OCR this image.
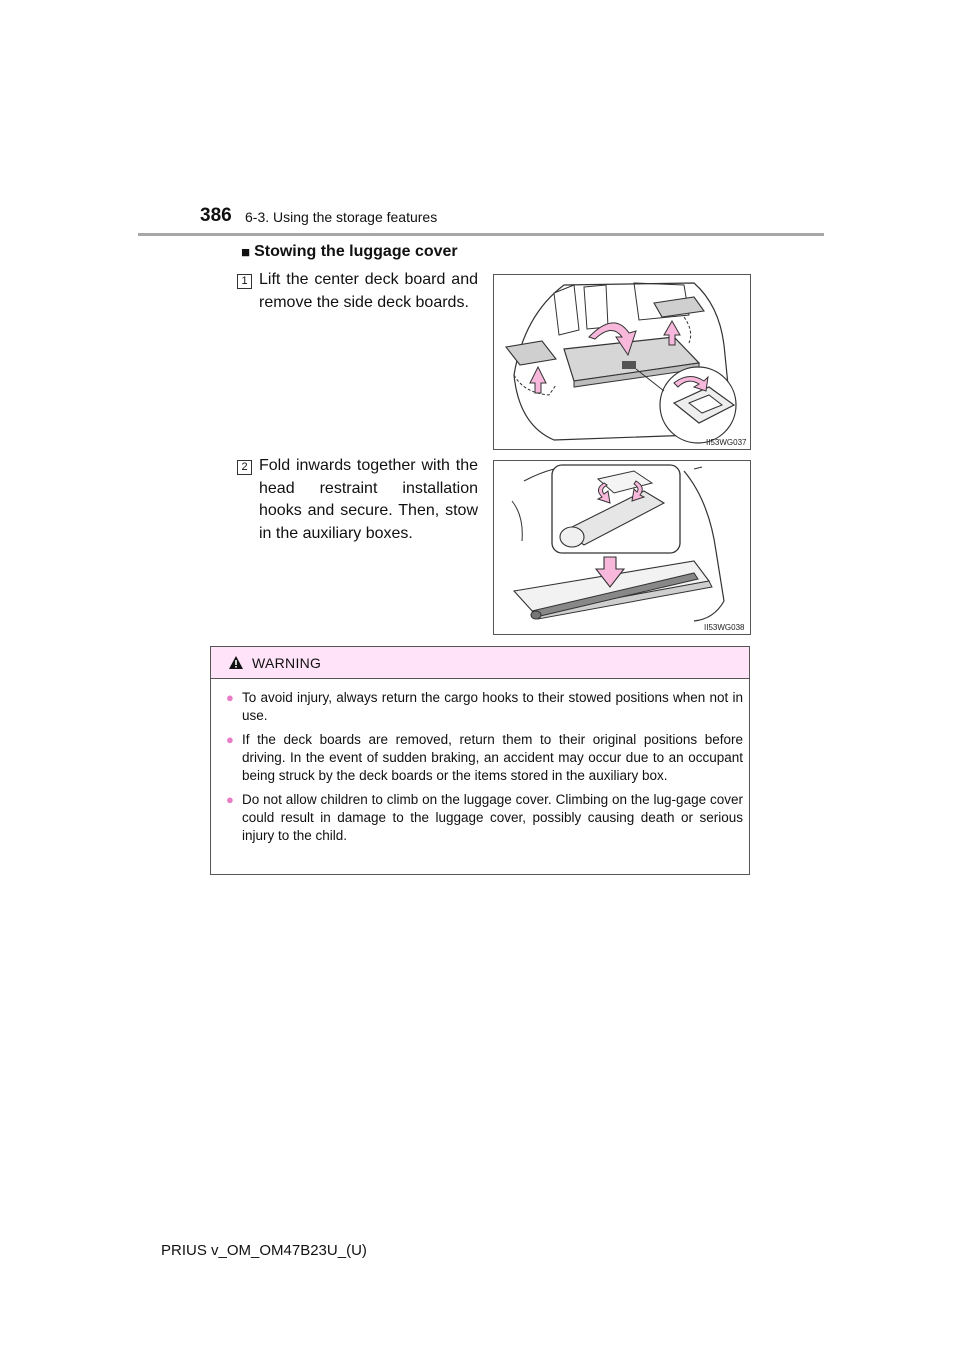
386 6-3. Using the storage features
■ Stowing the luggage cover
1 Lift the center deck board and remove the side deck boards.
II53WG037
2 Fold inwards together with the head restraint installation hooks and secure. Then, stow in the auxiliary boxes.
II53WG038
WARNING
● To avoid injury, always return the cargo hooks to their stowed positions when not in use.
● If the deck boards are removed, return them to their original positions before driving. In the event of sudden braking, an accident may occur due to an occupant being struck by the deck boards or the items stored in the auxiliary box.
● Do not allow children to climb on the luggage cover. Climbing on the lug-gage cover could result in damage to the luggage cover, possibly causing death or serious injury to the child.
PRIUS v_OM_OM47B23U_(U)
